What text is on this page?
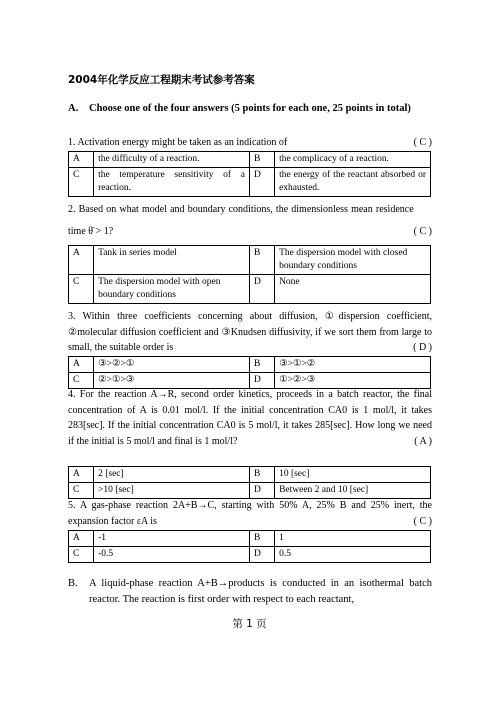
2004年化学反应工程期末考试参考答案
A. Choose one of the four answers (5 points for each one, 25 points in total)
( C )
1. Activation energy might be taken as an indication of
A	the difficulty of a reaction.	B	the complicacy of a reaction.
C	the temperature sensitivity of a reaction.	D	the energy of the reactant absorbed or exhausted.
( C )
2. Based on what model and boundary conditions, the dimensionless mean residence time θ̄ > 1?
A	Tank in series model	B	The dispersion model with closed boundary conditions
C	The dispersion model with open boundary conditions	D	None
3. Within three coefficients concerning about diffusion, ①dispersion coefficient, ②molecular diffusion coefficient and ③Knudsen diffusivity, if we sort them from large to small, the suitable order is	( D )
A	③>②>①	B	③>①>②
C	②>①>③	D	①>②>③
4. For the reaction A→R, second order kinetics, proceeds in a batch reactor, the final concentration of A is 0.01 mol/l. If the initial concentration CA0 is 1 mol/l, it takes 283[sec]. If the initial concentration CA0 is 5 mol/l, it takes 285[sec]. How long we need if the initial is 5 mol/l and final is 1 mol/l?	( A )
A	2 [sec]	B	10 [sec]
C	>10 [sec]	D	Between 2 and 10 [sec]
5. A gas-phase reaction 2A+B→C, starting with 50% A, 25% B and 25% inert, the expansion factor εA is	( C )
A	-1	B	1
C	-0.5	D	0.5
B. A liquid-phase reaction A+B→products is conducted in an isothermal batch reactor. The reaction is first order with respect to each reactant,
第 1 页
